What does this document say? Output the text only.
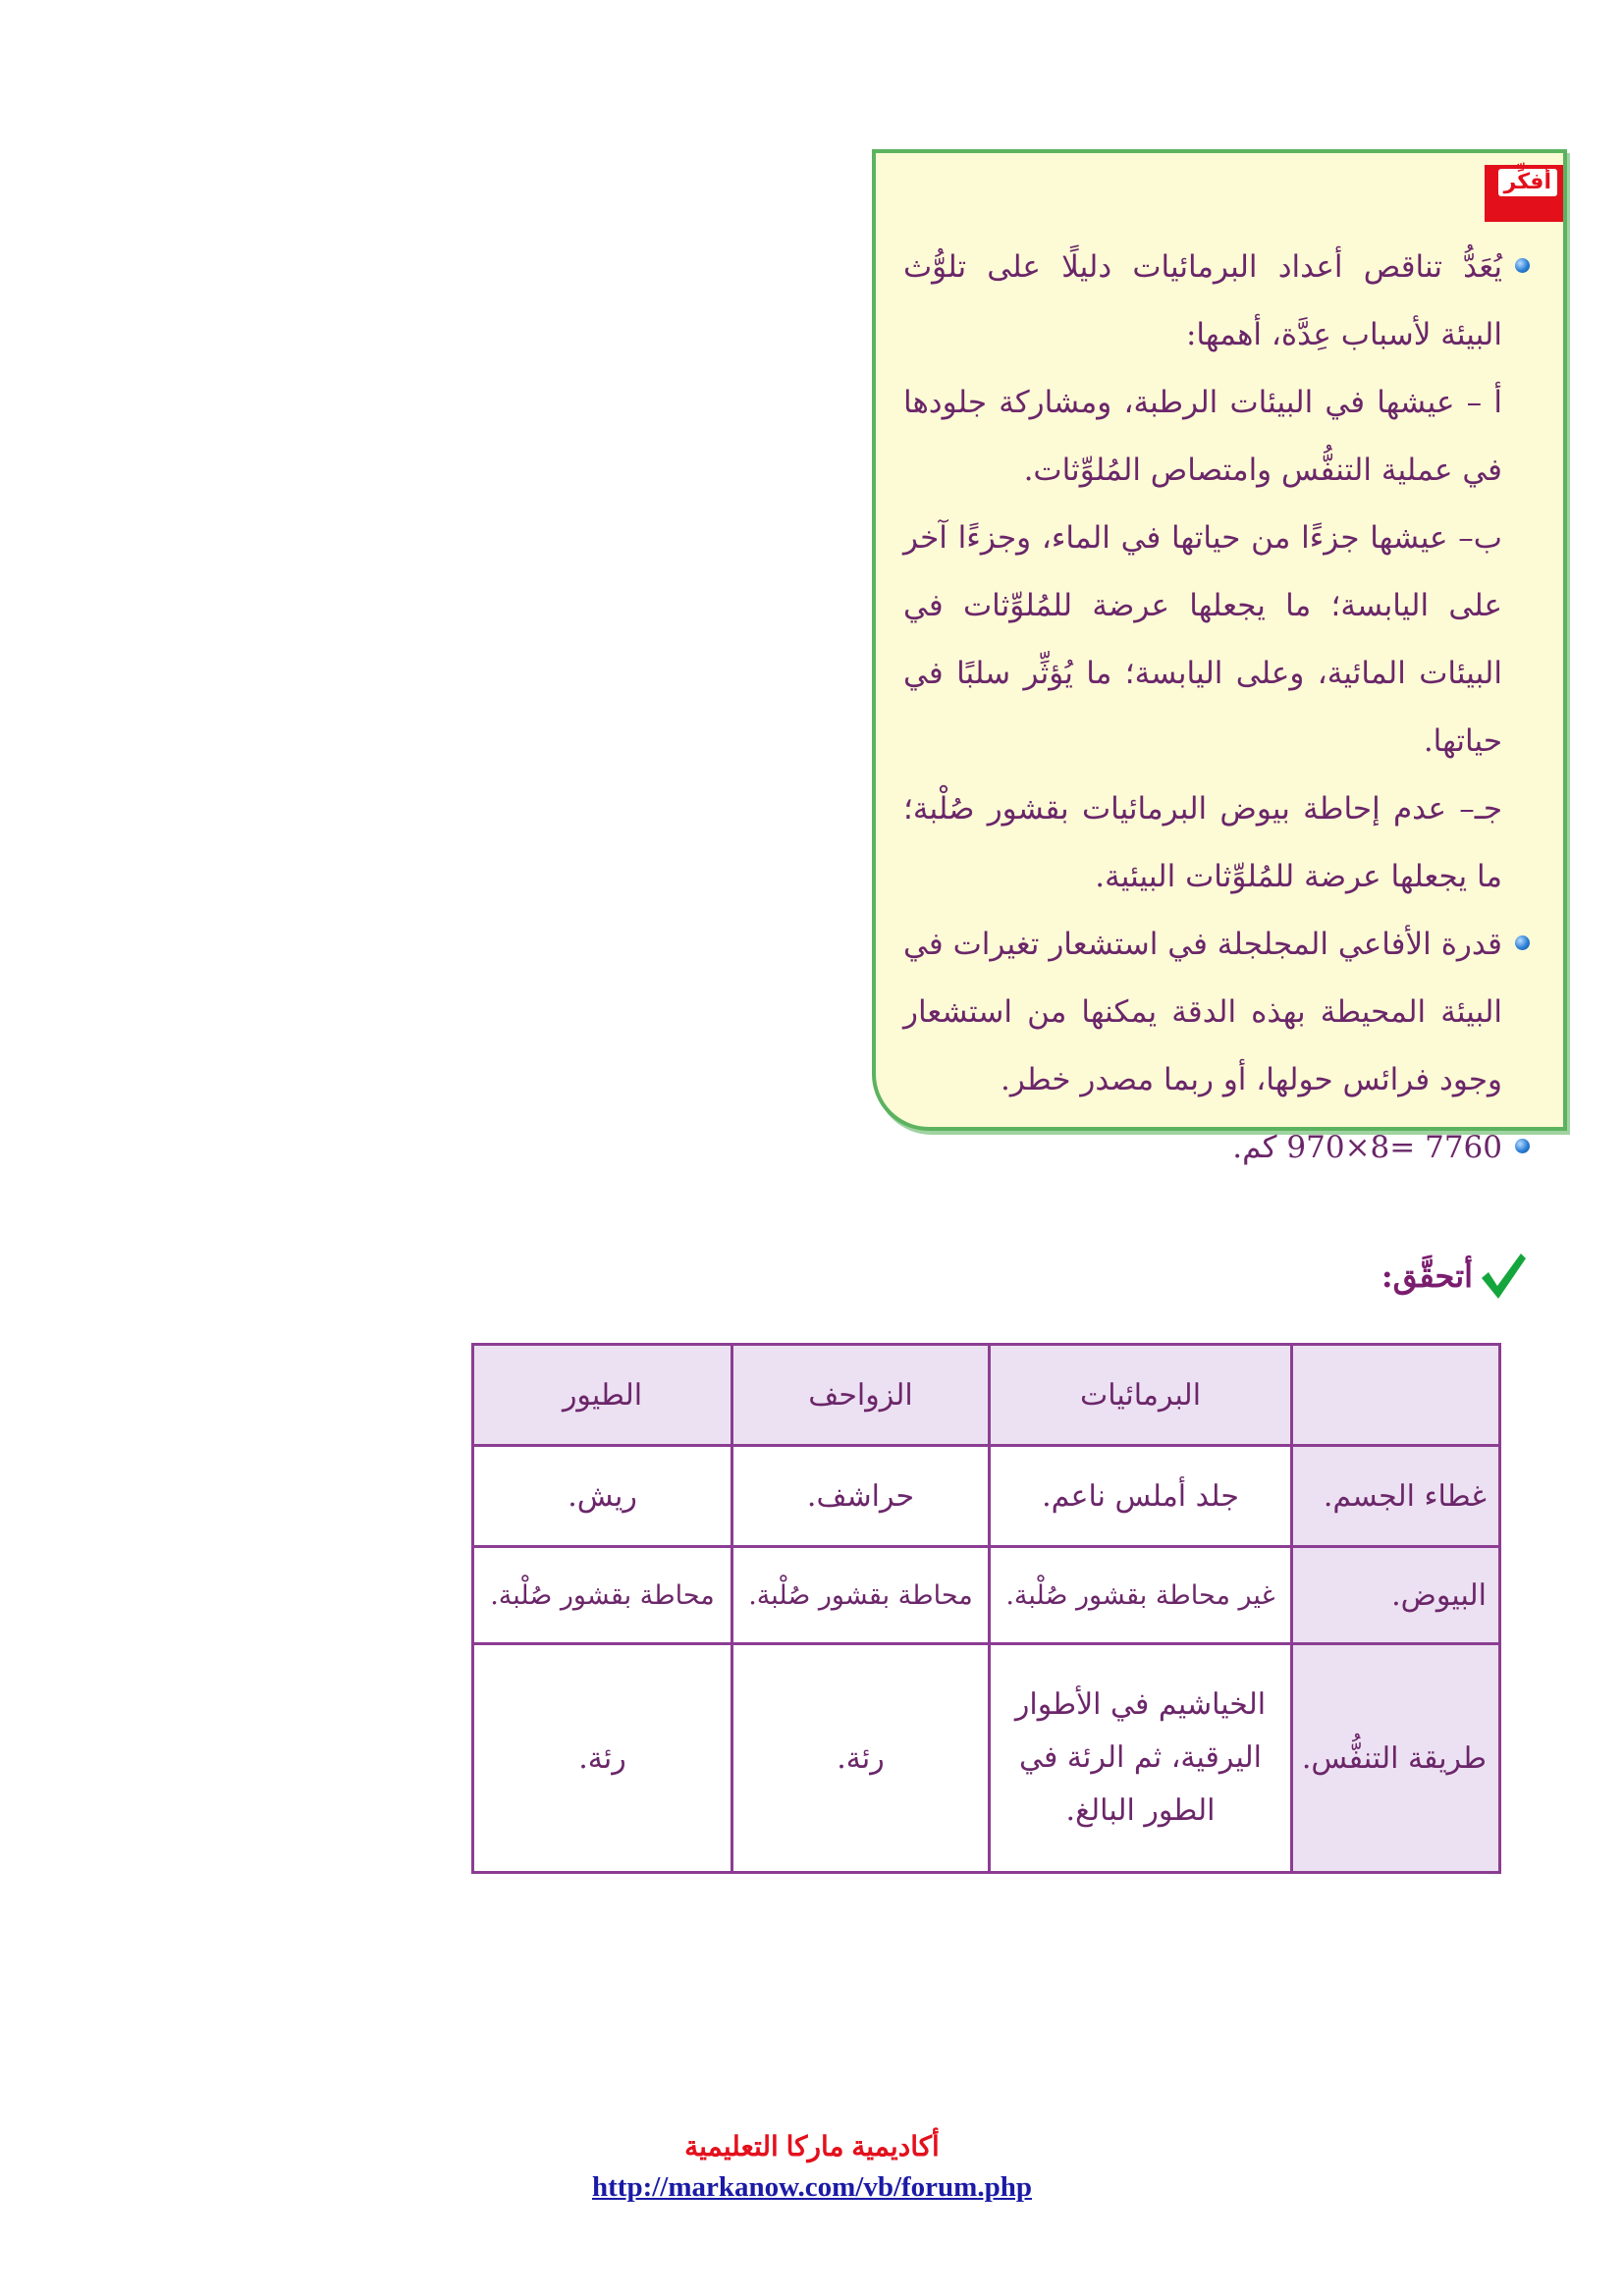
أفكِّر
يُعَدُّ تناقص أعداد البرمائيات دليلًا على تلوُّث البيئة لأسباب عِدَّة، أهمها:
أ – عيشها في البيئات الرطبة، ومشاركة جلودها في عملية التنفُّس وامتصاص المُلوِّثات.
ب– عيشها جزءًا من حياتها في الماء، وجزءًا آخر على اليابسة؛ ما يجعلها عرضة للمُلوِّثات في البيئات المائية، وعلى اليابسة؛ ما يُؤثِّر سلبًا في حياتها.
جـ– عدم إحاطة بيوض البرمائيات بقشور صُلْبة؛ ما يجعلها عرضة للمُلوِّثات البيئية.
قدرة الأفاعي المجلجلة في استشعار تغيرات في البيئة المحيطة بهذه الدقة يمكنها من استشعار وجود فرائس حولها، أو ربما مصدر خطر.
970×8= 7760 كم.
أتحقَّق:
	البرمائيات	الزواحف	الطيور
غطاء الجسم.	جلد أملس ناعم.	حراشف.	ريش.
البيوض.	غير محاطة بقشور صُلْبة.	محاطة بقشور صُلْبة.	محاطة بقشور صُلْبة.
طريقة التنفُّس.	الخياشيم في الأطوار اليرقية، ثم الرئة في الطور البالغ.	رئة.	رئة.
أكاديمية ماركا التعليمية
http://markanow.com/vb/forum.php
